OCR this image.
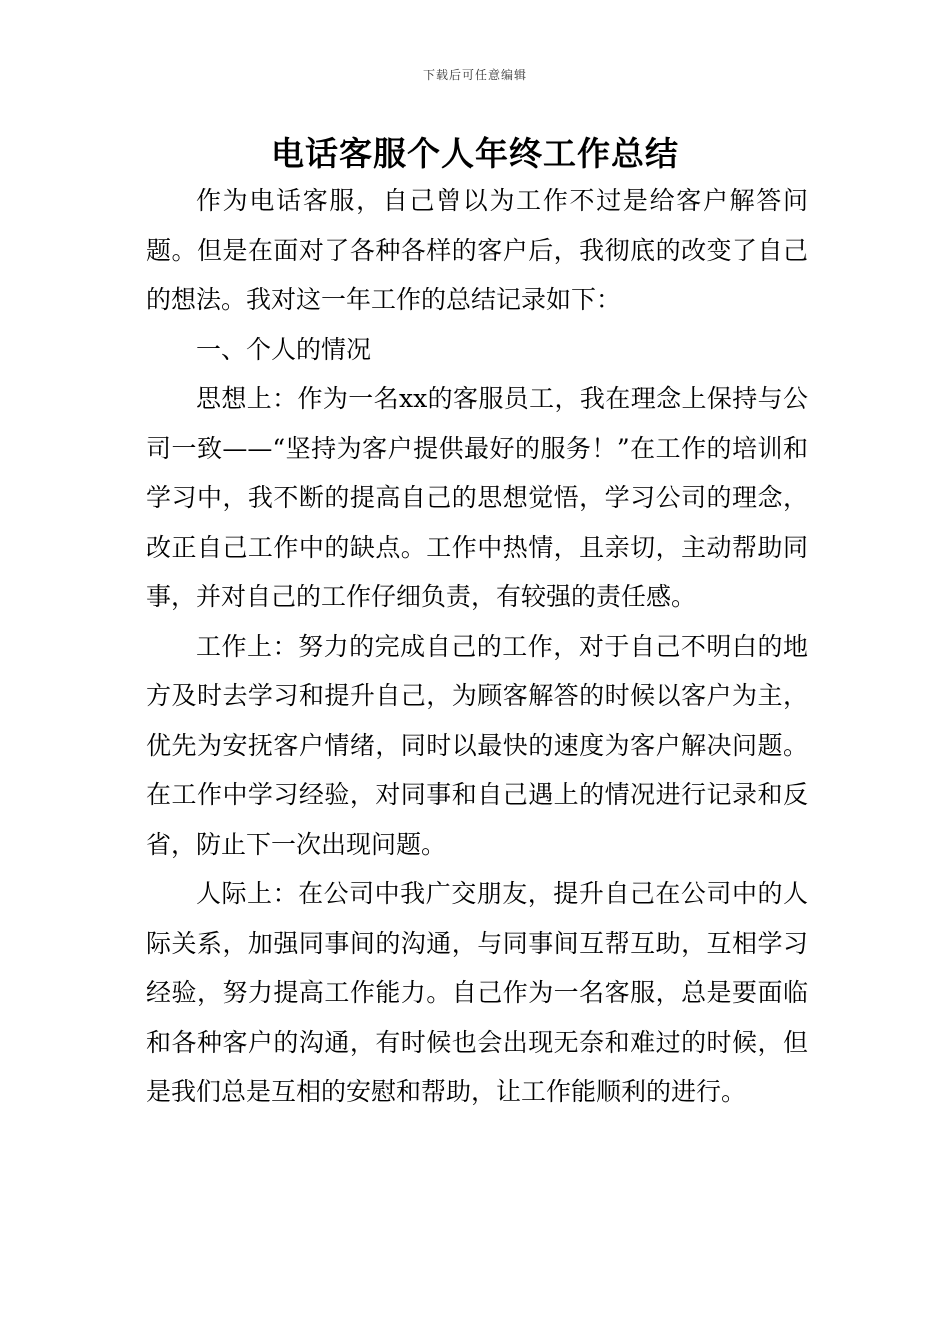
下载后可任意编辑
电话客服个人年终工作总结

作为电话客服，自己曾以为工作不过是给客户解答问题。但是在面对了各种各样的客户后，我彻底的改变了自己的想法。我对这一年工作的总结记录如下：

一、个人的情况

思想上：作为一名xx的客服员工，我在理念上保持与公司一致——“坚持为客户提供最好的服务！”在工作的培训和学习中，我不断的提高自己的思想觉悟，学习公司的理念，改正自己工作中的缺点。工作中热情，且亲切，主动帮助同事，并对自己的工作仔细负责，有较强的责任感。

工作上：努力的完成自己的工作，对于自己不明白的地方及时去学习和提升自己，为顾客解答的时候以客户为主，优先为安抚客户情绪，同时以最快的速度为客户解决问题。在工作中学习经验，对同事和自己遇上的情况进行记录和反省，防止下一次出现问题。

人际上：在公司中我广交朋友，提升自己在公司中的人际关系，加强同事间的沟通，与同事间互帮互助，互相学习经验，努力提高工作能力。自己作为一名客服，总是要面临和各种客户的沟通，有时候也会出现无奈和难过的时候，但是我们总是互相的安慰和帮助，让工作能顺利的进行。
